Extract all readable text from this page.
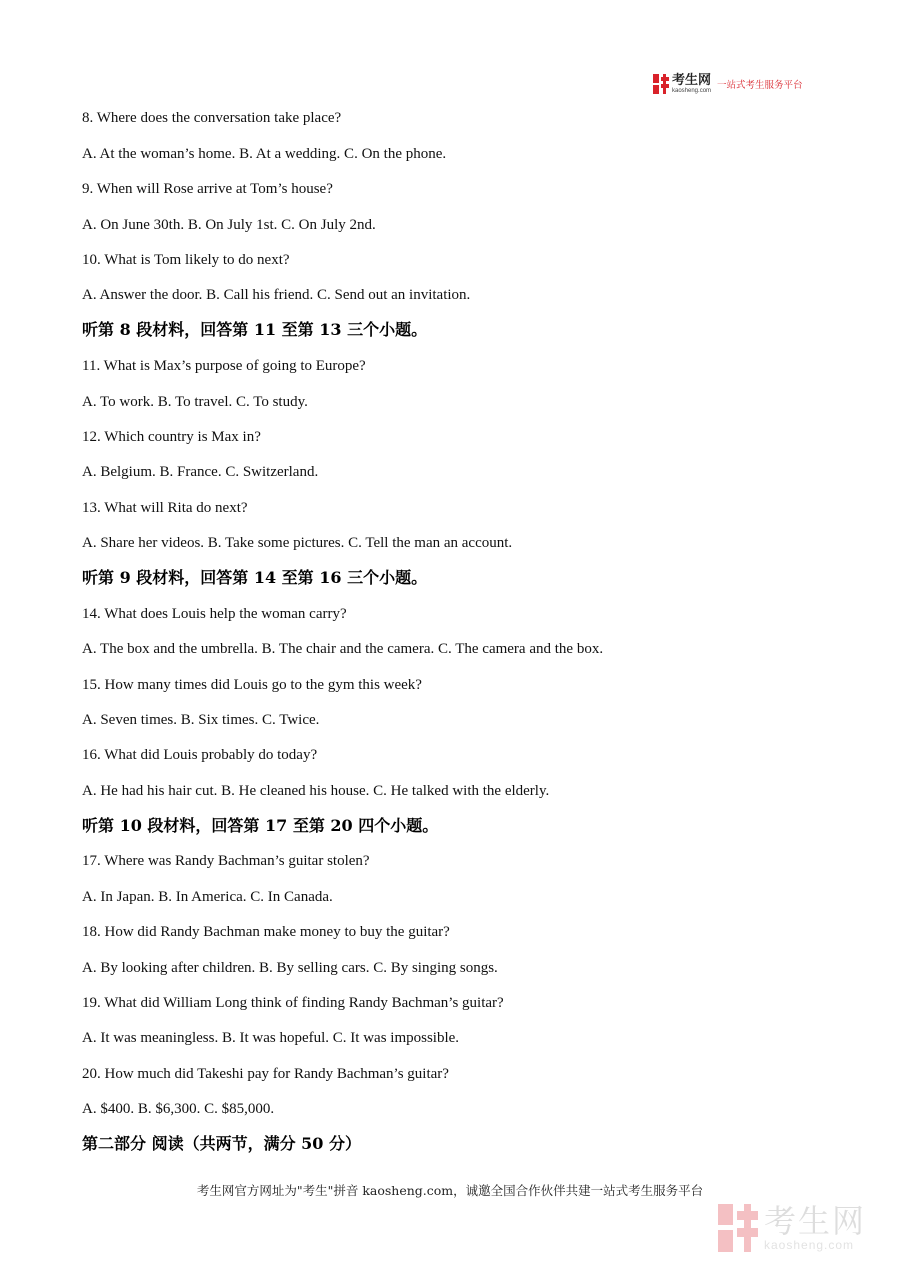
考生网
kaosheng.com 一站式考生服务平台
8. Where does the conversation take place?
A. At the woman’s home. B. At a wedding. C. On the phone.
9. When will Rose arrive at Tom’s house?
A. On June 30th. B. On July 1st. C. On July 2nd.
10. What is Tom likely to do next?
A. Answer the door. B. Call his friend. C. Send out an invitation.
听第 8 段材料，回答第 11 至第 13 三个小题。
11. What is Max’s purpose of going to Europe?
A. To work. B. To travel. C. To study.
12. Which country is Max in?
A. Belgium. B. France. C. Switzerland.
13. What will Rita do next?
A. Share her videos. B. Take some pictures. C. Tell the man an account.
听第 9 段材料，回答第 14 至第 16 三个小题。
14. What does Louis help the woman carry?
A. The box and the umbrella. B. The chair and the camera. C. The camera and the box.
15. How many times did Louis go to the gym this week?
A. Seven times. B. Six times. C. Twice.
16. What did Louis probably do today?
A. He had his hair cut. B. He cleaned his house. C. He talked with the elderly.
听第 10 段材料，回答第 17 至第 20 四个小题。
17. Where was Randy Bachman’s guitar stolen?
A. In Japan. B. In America. C. In Canada.
18. How did Randy Bachman make money to buy the guitar?
A. By looking after children. B. By selling cars. C. By singing songs.
19. What did William Long think of finding Randy Bachman’s guitar?
A. It was meaningless. B. It was hopeful. C. It was impossible.
20. How much did Takeshi pay for Randy Bachman’s guitar?
A. $400. B. $6,300. C. $85,000.
第二部分 阅读（共两节，满分 50 分）
考生网官方网址为"考生"拼音 kaosheng.com，诚邀全国合作伙伴共建一站式考生服务平台
考生网
kaosheng.com
